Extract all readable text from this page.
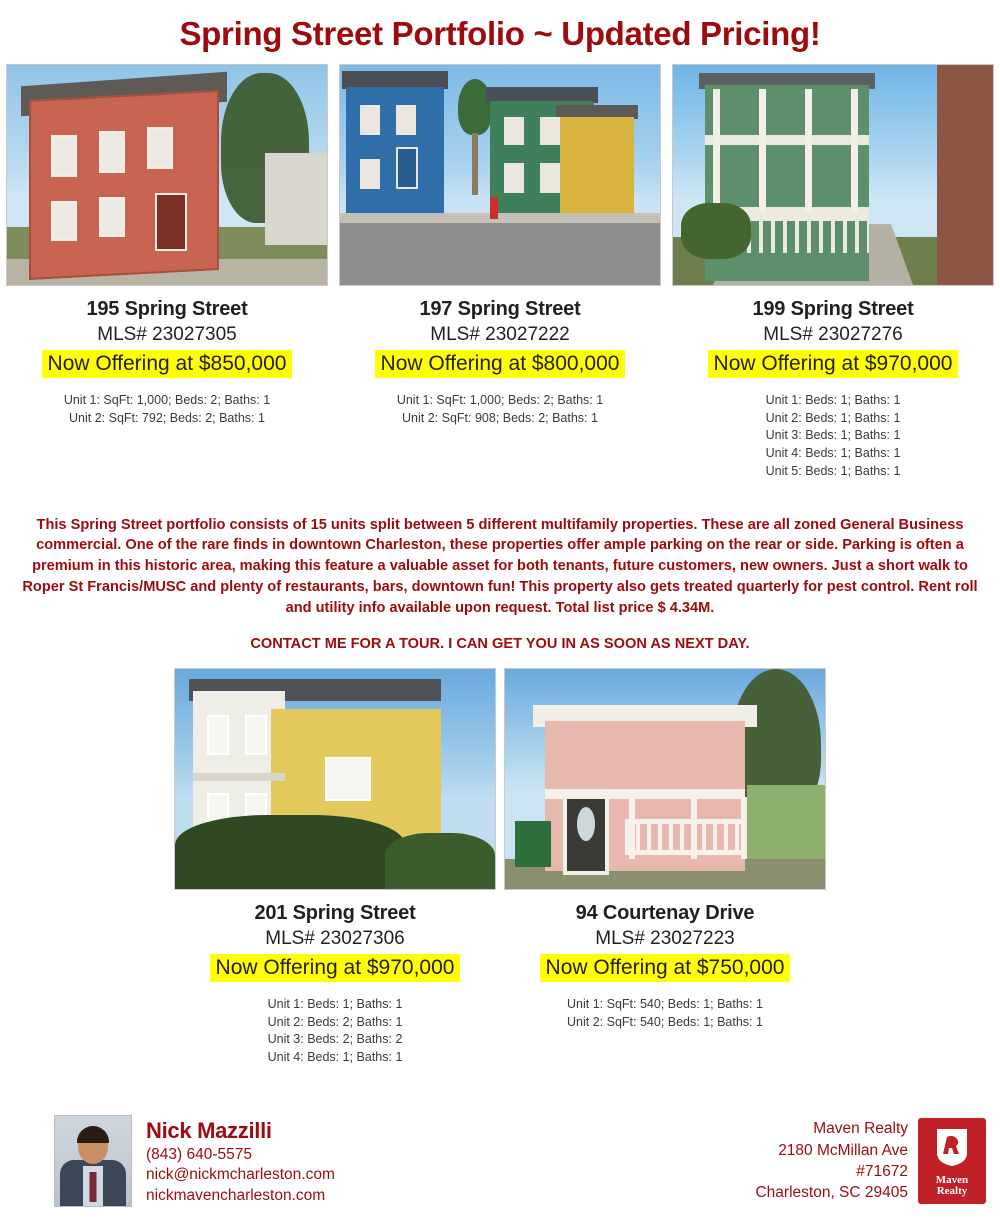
Spring Street Portfolio ~ Updated Pricing!
195 Spring Street
MLS# 23027305
Now Offering at $850,000
Unit 1: SqFt: 1,000; Beds: 2; Baths: 1
Unit 2: SqFt: 792; Beds: 2; Baths: 1
197 Spring Street
MLS# 23027222
Now Offering at $800,000
Unit 1: SqFt: 1,000; Beds: 2; Baths: 1
Unit 2: SqFt: 908; Beds: 2; Baths: 1
199 Spring Street
MLS# 23027276
Now Offering at $970,000
Unit 1: Beds: 1; Baths: 1
Unit 2: Beds: 1; Baths: 1
Unit 3: Beds: 1; Baths: 1
Unit 4: Beds: 1; Baths: 1
Unit 5: Beds: 1; Baths: 1
This Spring Street portfolio consists of 15 units split between 5 different multifamily properties. These are all zoned General Business commercial. One of the rare finds in downtown Charleston, these properties offer ample parking on the rear or side. Parking is often a premium in this historic area, making this feature a valuable asset for both tenants, future customers, new owners. Just a short walk to Roper St Francis/MUSC and plenty of restaurants, bars, downtown fun! This property also gets treated quarterly for pest control. Rent roll and utility info available upon request. Total list price $ 4.34M.
CONTACT ME FOR A TOUR. I CAN GET YOU IN AS SOON AS NEXT DAY.
201 Spring Street
MLS# 23027306
Now Offering at $970,000
Unit 1: Beds: 1; Baths: 1
Unit 2: Beds: 2; Baths: 1
Unit 3: Beds: 2; Baths: 2
Unit 4: Beds: 1; Baths: 1
94 Courtenay Drive
MLS# 23027223
Now Offering at $750,000
Unit 1: SqFt: 540; Beds: 1; Baths: 1
Unit 2: SqFt: 540; Beds: 1; Baths: 1
Nick Mazzilli
(843) 640-5575
nick@nickmcharleston.com
nickmavencharleston.com
Maven Realty
2180 McMillan Ave
#71672
Charleston, SC 29405
Maven
Realty
